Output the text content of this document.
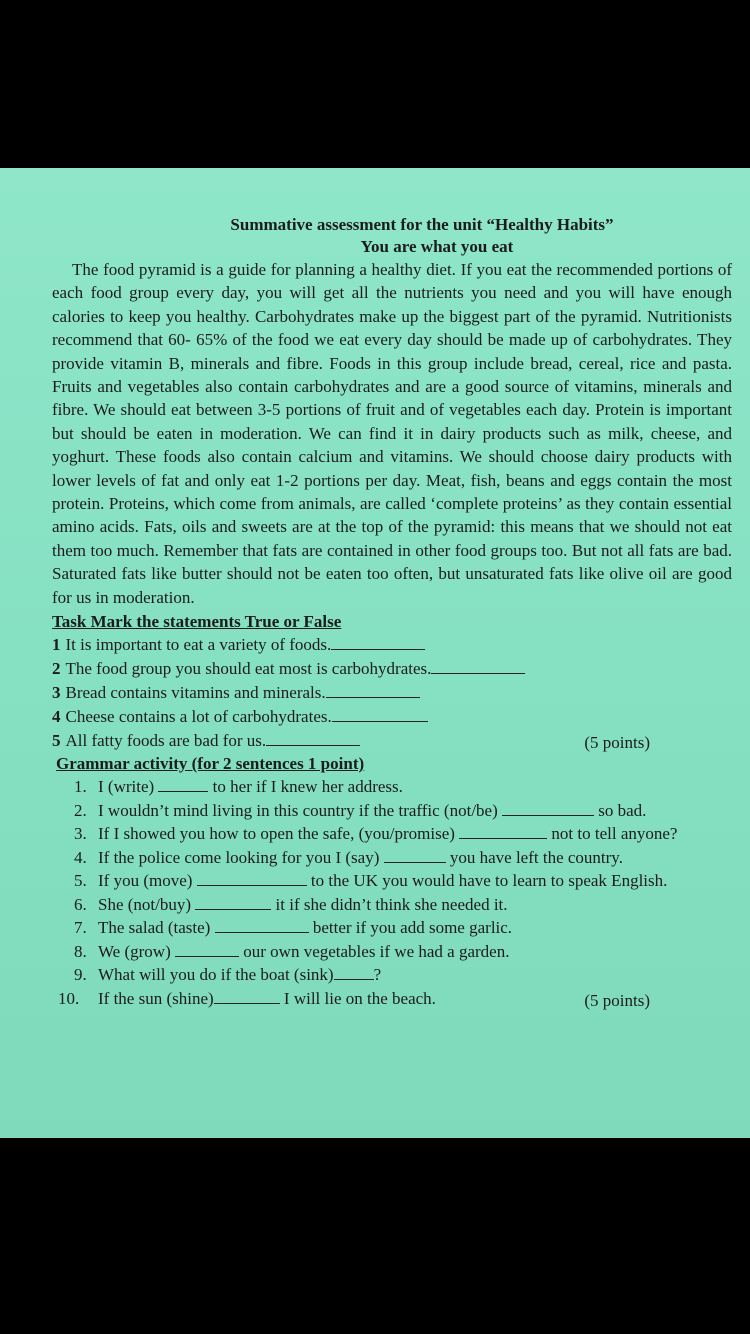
Summative assessment for the unit “Healthy Habits”

You are what you eat

The food pyramid is a guide for planning a healthy diet. If you eat the recommended portions of each food group every day, you will get all the nutrients you need and you will have enough calories to keep you healthy. Carbohydrates make up the biggest part of the pyramid. Nutritionists recommend that 60- 65% of the food we eat every day should be made up of carbohydrates. They provide vitamin B, minerals and fibre. Foods in this group include bread, cereal, rice and pasta. Fruits and vegetables also contain carbohydrates and are a good source of vitamins, minerals and fibre. We should eat between 3-5 portions of fruit and of vegetables each day. Protein is important but should be eaten in moderation. We can find it in dairy products such as milk, cheese, and yoghurt. These foods also contain calcium and vitamins. We should choose dairy products with lower levels of fat and only eat 1-2 portions per day. Meat, fish, beans and eggs contain the most protein. Proteins, which come from animals, are called ‘complete proteins’ as they contain essential amino acids. Fats, oils and sweets are at the top of the pyramid: this means that we should not eat them too much. Remember that fats are contained in other food groups too. But not all fats are bad. Saturated fats like butter should not be eaten too often, but unsaturated fats like olive oil are good for us in moderation.

Task Mark the statements True or False
1 It is important to eat a variety of foods.
2 The food group you should eat most is carbohydrates.
3 Bread contains vitamins and minerals.
4 Cheese contains a lot of carbohydrates.
5 All fatty foods are bad for us.	(5 points)
Grammar activity (for 2 sentences 1 point)
1. I (write)	to her if I knew her address.
2. I wouldn’t mind living in this country if the traffic (not/be)	so bad.
3. If I showed you how to open the safe, (you/promise)	not to tell anyone?
4. If the police come looking for you I (say)	you have left the country.
5. If you (move)	to the UK you would have to learn to speak English.
6. She (not/buy)	it if she didn’t think she needed it.
7. The salad (taste)	better if you add some garlic.
8. We (grow)	our own vegetables if we had a garden.
9. What will you do if the boat (sink) ?
10. If the sun (shine)	I will lie on the beach.	(5 points)
